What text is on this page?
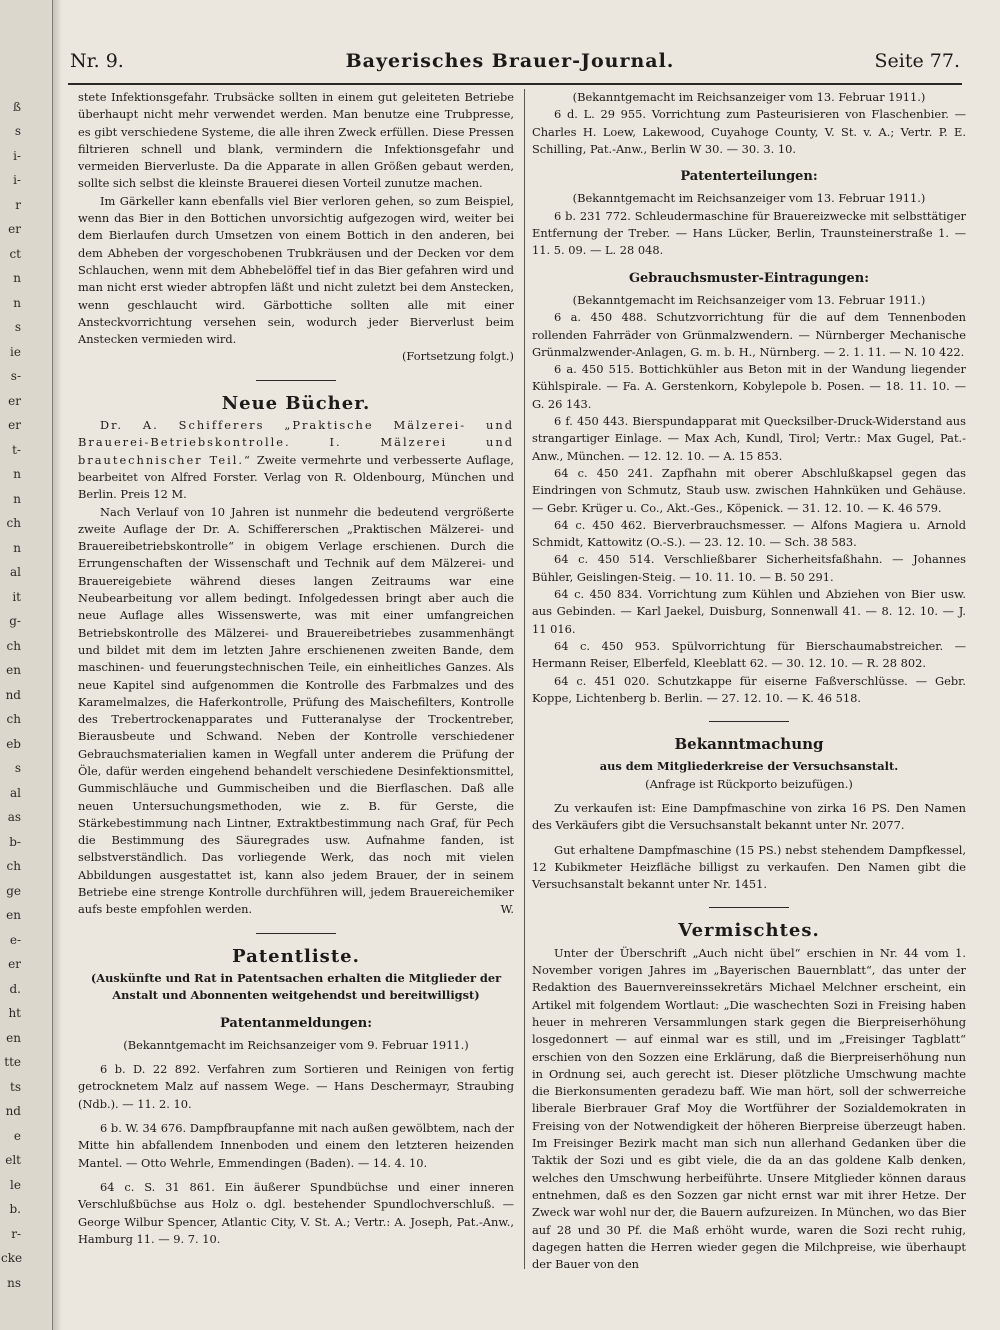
ß
s
i-
i-
r
er
ct
n
n
s
ie
s-
er
er
t-
n
n
ch
n
al
it
g-
ch
en
nd
ch
eb
s
al
as
b-
ch
ge
en
e-
er
d.
ht
en
tte
ts
nd
e
elt
le
b.
r-
cke
ns
Nr. 9.	Bayerisches Brauer-Journal.	Seite 77.

stete Infektionsgefahr. Trubsäcke sollten in einem gut geleiteten Betriebe überhaupt nicht mehr verwendet werden. Man benutze eine Trubpresse, es gibt verschiedene Systeme, die alle ihren Zweck erfüllen. Diese Pressen filtrieren schnell und blank, vermindern die Infektionsgefahr und vermeiden Bierverluste. Da die Apparate in allen Größen gebaut werden, sollte sich selbst die kleinste Brauerei diesen Vorteil zunutze machen.

Im Gärkeller kann ebenfalls viel Bier verloren gehen, so zum Beispiel, wenn das Bier in den Bottichen unvorsichtig aufgezogen wird, weiter bei dem Bierlaufen durch Umsetzen von einem Bottich in den anderen, bei dem Abheben der vorgeschobenen Trubkräusen und der Decken vor dem Schlauchen, wenn mit dem Abhebelöffel tief in das Bier gefahren wird und man nicht erst wieder abtropfen läßt und nicht zuletzt bei dem Anstecken, wenn geschlaucht wird. Gärbottiche sollten alle mit einer Ansteckvorrichtung versehen sein, wodurch jeder Bierverlust beim Anstecken vermieden wird.

(Fortsetzung folgt.)

Neue Bücher.

Dr. A. Schifferers „Praktische Mälzerei- und Brauerei-Betriebskontrolle. I. Mälzerei und brautechnischer Teil.“ Zweite vermehrte und verbesserte Auflage, bearbeitet von Alfred Forster. Verlag von R. Oldenbourg, München und Berlin. Preis 12 M.

Nach Verlauf von 10 Jahren ist nunmehr die bedeutend vergrößerte zweite Auflage der Dr. A. Schiffererschen „Praktischen Mälzerei- und Brauereibetriebskontrolle“ in obigem Verlage erschienen. Durch die Errungenschaften der Wissenschaft und Technik auf dem Mälzerei- und Brauereigebiete während dieses langen Zeitraums war eine Neubearbeitung vor allem bedingt. Infolgedessen bringt aber auch die neue Auflage alles Wissenswerte, was mit einer umfangreichen Betriebskontrolle des Mälzerei- und Brauereibetriebes zusammenhängt und bildet mit dem im letzten Jahre erschienenen zweiten Bande, dem maschinen- und feuerungstechnischen Teile, ein einheitliches Ganzes. Als neue Kapitel sind aufgenommen die Kontrolle des Farbmalzes und des Karamelmalzes, die Haferkontrolle, Prüfung des Maischefilters, Kontrolle des Trebertrockenapparates und Futteranalyse der Trockentreber, Bierausbeute und Schwand. Neben der Kontrolle verschiedener Gebrauchsmaterialien kamen in Wegfall unter anderem die Prüfung der Öle, dafür werden eingehend behandelt verschiedene Desinfektionsmittel, Gummischläuche und Gummischeiben und die Bierflaschen. Daß alle neuen Untersuchungsmethoden, wie z. B. für Gerste, die Stärkebestimmung nach Lintner, Extraktbestimmung nach Graf, für Pech die Bestimmung des Säuregrades usw. Aufnahme fanden, ist selbstverständlich. Das vorliegende Werk, das noch mit vielen Abbildungen ausgestattet ist, kann also jedem Brauer, der in seinem Betriebe eine strenge Kontrolle durchführen will, jedem Brauereichemiker aufs beste empfohlen werden.	W.

Patentliste.

(Auskünfte und Rat in Patentsachen erhalten die Mitglieder der Anstalt und Abonnenten weitgehendst und bereitwilligst)

Patentanmeldungen:

(Bekanntgemacht im Reichsanzeiger vom 9. Februar 1911.)

6 b. D. 22 892. Verfahren zum Sortieren und Reinigen von fertig getrocknetem Malz auf nassem Wege. — Hans Deschermayr, Straubing (Ndb.). — 11. 2. 10.

6 b. W. 34 676. Dampfbraupfanne mit nach außen gewölbtem, nach der Mitte hin abfallendem Innenboden und einem den letzteren heizenden Mantel. — Otto Wehrle, Emmendingen (Baden). — 14. 4. 10.

64 c. S. 31 861. Ein äußerer Spundbüchse und einer inneren Verschlußbüchse aus Holz o. dgl. bestehender Spundlochverschluß. — George Wilbur Spencer, Atlantic City, V. St. A.; Vertr.: A. Joseph, Pat.-Anw., Hamburg 11. — 9. 7. 10.

(Bekanntgemacht im Reichsanzeiger vom 13. Februar 1911.)

6 d. L. 29 955. Vorrichtung zum Pasteurisieren von Flaschenbier. — Charles H. Loew, Lakewood, Cuyahoge County, V. St. v. A.; Vertr. P. E. Schilling, Pat.-Anw., Berlin W 30. — 30. 3. 10.

Patenterteilungen:

(Bekanntgemacht im Reichsanzeiger vom 13. Februar 1911.)

6 b. 231 772. Schleudermaschine für Brauereizwecke mit selbsttätiger Entfernung der Treber. — Hans Lücker, Berlin, Traunsteinerstraße 1. — 11. 5. 09. — L. 28 048.

Gebrauchsmuster-Eintragungen:

(Bekanntgemacht im Reichsanzeiger vom 13. Februar 1911.)

6 a. 450 488. Schutzvorrichtung für die auf dem Tennenboden rollenden Fahrräder von Grünmalzwendern. — Nürnberger Mechanische Grünmalzwender-Anlagen, G. m. b. H., Nürnberg. — 2. 1. 11. — N. 10 422.

6 a. 450 515. Bottichkühler aus Beton mit in der Wandung liegender Kühlspirale. — Fa. A. Gerstenkorn, Kobylepole b. Posen. — 18. 11. 10. — G. 26 143.

6 f. 450 443. Bierspundapparat mit Quecksilber-Druck-Widerstand aus strangartiger Einlage. — Max Ach, Kundl, Tirol; Vertr.: Max Gugel, Pat.-Anw., München. — 12. 12. 10. — A. 15 853.

64 c. 450 241. Zapfhahn mit oberer Abschlußkapsel gegen das Eindringen von Schmutz, Staub usw. zwischen Hahnküken und Gehäuse. — Gebr. Krüger u. Co., Akt.-Ges., Köpenick. — 31. 12. 10. — K. 46 579.

64 c. 450 462. Bierverbrauchsmesser. — Alfons Magiera u. Arnold Schmidt, Kattowitz (O.-S.). — 23. 12. 10. — Sch. 38 583.

64 c. 450 514. Verschließbarer Sicherheitsfaßhahn. — Johannes Bühler, Geislingen-Steig. — 10. 11. 10. — B. 50 291.

64 c. 450 834. Vorrichtung zum Kühlen und Abziehen von Bier usw. aus Gebinden. — Karl Jaekel, Duisburg, Sonnenwall 41. — 8. 12. 10. — J. 11 016.

64 c. 450 953. Spülvorrichtung für Bierschaumabstreicher. — Hermann Reiser, Elberfeld, Kleeblatt 62. — 30. 12. 10. — R. 28 802.

64 c. 451 020. Schutzkappe für eiserne Faßverschlüsse. — Gebr. Koppe, Lichtenberg b. Berlin. — 27. 12. 10. — K. 46 518.

Bekanntmachung

aus dem Mitgliederkreise der Versuchsanstalt.

(Anfrage ist Rückporto beizufügen.)

Zu verkaufen ist: Eine Dampfmaschine von zirka 16 PS. Den Namen des Verkäufers gibt die Versuchsanstalt bekannt unter Nr. 2077.

Gut erhaltene Dampfmaschine (15 PS.) nebst stehendem Dampfkessel, 12 Kubikmeter Heizfläche billigst zu verkaufen. Den Namen gibt die Versuchsanstalt bekannt unter Nr. 1451.

Vermischtes.

Unter der Überschrift „Auch nicht übel“ erschien in Nr. 44 vom 1. November vorigen Jahres im „Bayerischen Bauernblatt“, das unter der Redaktion des Bauernvereinssekretärs Michael Melchner erscheint, ein Artikel mit folgendem Wortlaut: „Die waschechten Sozi in Freising haben heuer in mehreren Versammlungen stark gegen die Bierpreiserhöhung losgedonnert — auf einmal war es still, und im „Freisinger Tagblatt“ erschien von den Sozzen eine Erklärung, daß die Bierpreiserhöhung nun in Ordnung sei, auch gerecht ist. Dieser plötzliche Umschwung machte die Bierkonsumenten geradezu baff. Wie man hört, soll der schwerreiche liberale Bierbrauer Graf Moy die Wortführer der Sozialdemokraten in Freising von der Notwendigkeit der höheren Bierpreise überzeugt haben. Im Freisinger Bezirk macht man sich nun allerhand Gedanken über die Taktik der Sozi und es gibt viele, die da an das goldene Kalb denken, welches den Umschwung herbeiführte. Unsere Mitglieder können daraus entnehmen, daß es den Sozzen gar nicht ernst war mit ihrer Hetze. Der Zweck war wohl nur der, die Bauern aufzureizen. In München, wo das Bier auf 28 und 30 Pf. die Maß erhöht wurde, waren die Sozi recht ruhig, dagegen hatten die Herren wieder gegen die Milchpreise, wie überhaupt der Bauer von den
